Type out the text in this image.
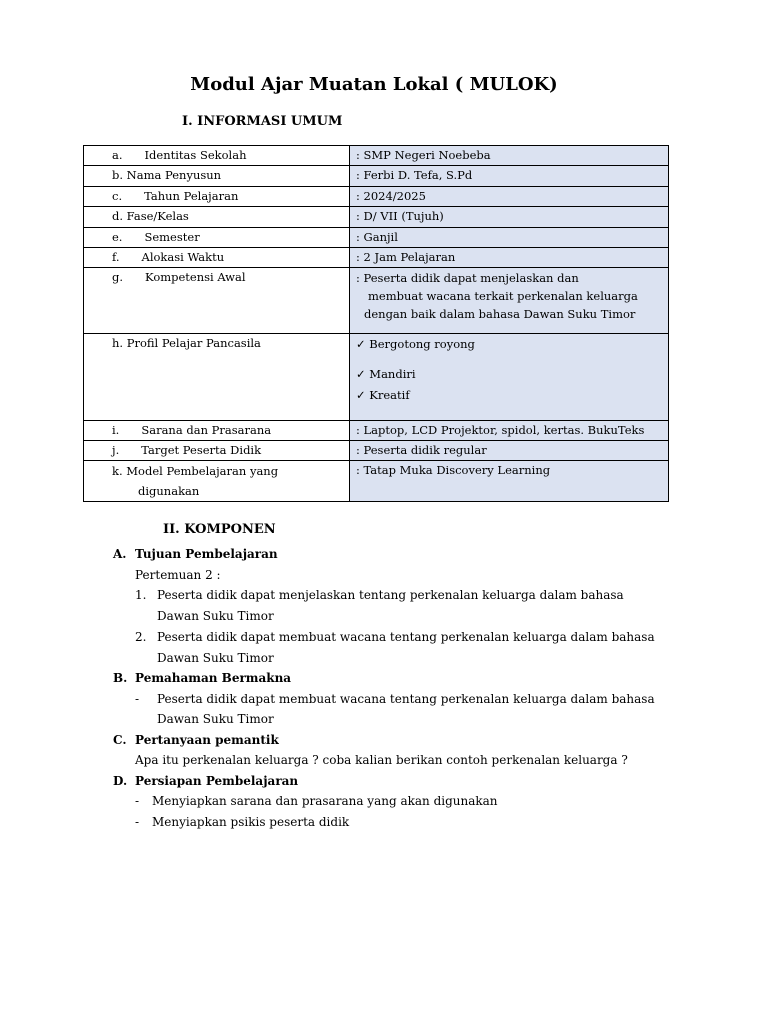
Modul Ajar Muatan Lokal ( MULOK)
I. INFORMASI UMUM
a. Identitas Sekolah	: SMP Negeri Noebeba
b. Nama Penyusun	: Ferbi D. Tefa, S.Pd
c. Tahun Pelajaran	: 2024/2025
d. Fase/Kelas	: D/ VII (Tujuh)
e. Semester	: Ganjil
f. Alokasi Waktu	: 2 Jam Pelajaran
g. Kompetensi Awal	: Peserta didik dapat menjelaskan dan
membuat wacana terkait perkenalan keluarga
dengan baik dalam bahasa Dawan Suku Timor

h. Profil Pelajar Pancasila	✓ Bergotong royong
✓ Mandiri
✓ Kreatif

i. Sarana dan Prasarana	: Laptop, LCD Projektor, spidol, kertas. BukuTeks
j. Target Peserta Didik	: Peserta didik regular

k. Model Pembelajaran yang
digunakan	: Tatap Muka Discovery Learning
II. KOMPONEN
A. Tujuan Pembelajaran
Pertemuan 2 :
1. Peserta didik dapat menjelaskan tentang perkenalan keluarga dalam bahasa
Dawan Suku Timor
2. Peserta didik dapat membuat wacana tentang perkenalan keluarga dalam bahasa
Dawan Suku Timor
B. Pemahaman Bermakna
- Peserta didik dapat membuat wacana tentang perkenalan keluarga dalam bahasa
Dawan Suku Timor
C. Pertanyaan pemantik
Apa itu perkenalan keluarga ? coba kalian berikan contoh perkenalan keluarga ?
D. Persiapan Pembelajaran
- Menyiapkan sarana dan prasarana yang akan digunakan
- Menyiapkan psikis peserta didik
